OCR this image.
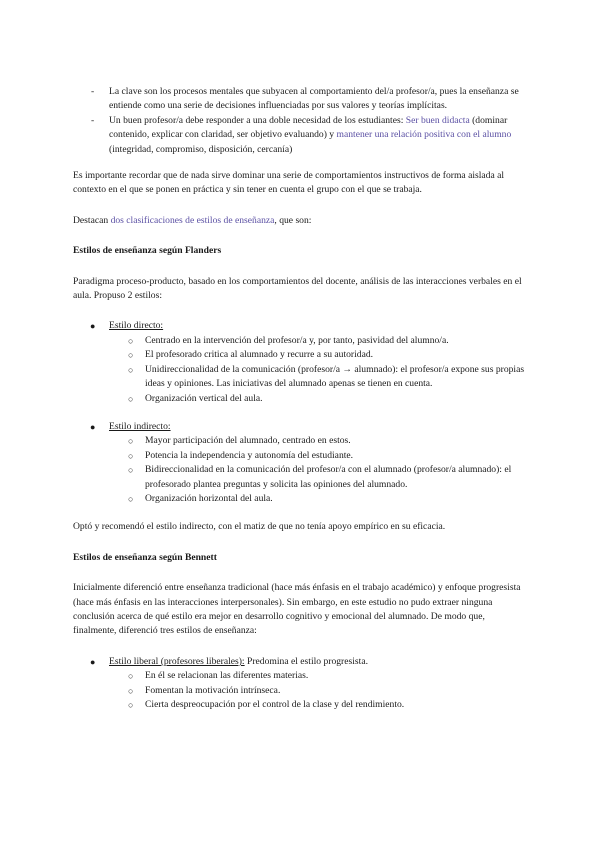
- La clave son los procesos mentales que subyacen al comportamiento del/a profesor/a, pues la enseñanza se entiende como una serie de decisiones influenciadas por sus valores y teorías implícitas.
- Un buen profesor/a debe responder a una doble necesidad de los estudiantes: Ser buen didacta (dominar contenido, explicar con claridad, ser objetivo evaluando) y mantener una relación positiva con el alumno (integridad, compromiso, disposición, cercanía)

Es importante recordar que de nada sirve dominar una serie de comportamientos instructivos de forma aislada al contexto en el que se ponen en práctica y sin tener en cuenta el grupo con el que se trabaja.

Destacan dos clasificaciones de estilos de enseñanza, que son:

Estilos de enseñanza según Flanders

Paradigma proceso-producto, basado en los comportamientos del docente, análisis de las interacciones verbales en el aula. Propuso 2 estilos:

● Estilo directo:
○ Centrado en la intervención del profesor/a y, por tanto, pasividad del alumno/a.
○ El profesorado critica al alumnado y recurre a su autoridad.
○ Unidireccionalidad de la comunicación (profesor/a → alumnado): el profesor/a expone sus propias ideas y opiniones. Las iniciativas del alumnado apenas se tienen en cuenta.
○ Organización vertical del aula.
● Estilo indirecto:
○ Mayor participación del alumnado, centrado en estos.
○ Potencia la independencia y autonomía del estudiante.
○ Bidireccionalidad en la comunicación del profesor/a con el alumnado (profesor/a alumnado): el profesorado plantea preguntas y solicita las opiniones del alumnado.
○ Organización horizontal del aula.

Optó y recomendó el estilo indirecto, con el matiz de que no tenía apoyo empírico en su eficacia.

Estilos de enseñanza según Bennett

Inicialmente diferenció entre enseñanza tradicional (hace más énfasis en el trabajo académico) y enfoque progresista (hace más énfasis en las interacciones interpersonales). Sin embargo, en este estudio no pudo extraer ninguna conclusión acerca de qué estilo era mejor en desarrollo cognitivo y emocional del alumnado. De modo que, finalmente, diferenció tres estilos de enseñanza:

● Estilo liberal (profesores liberales): Predomina el estilo progresista.
○ En él se relacionan las diferentes materias.
○ Fomentan la motivación intrínseca.
○ Cierta despreocupación por el control de la clase y del rendimiento.
